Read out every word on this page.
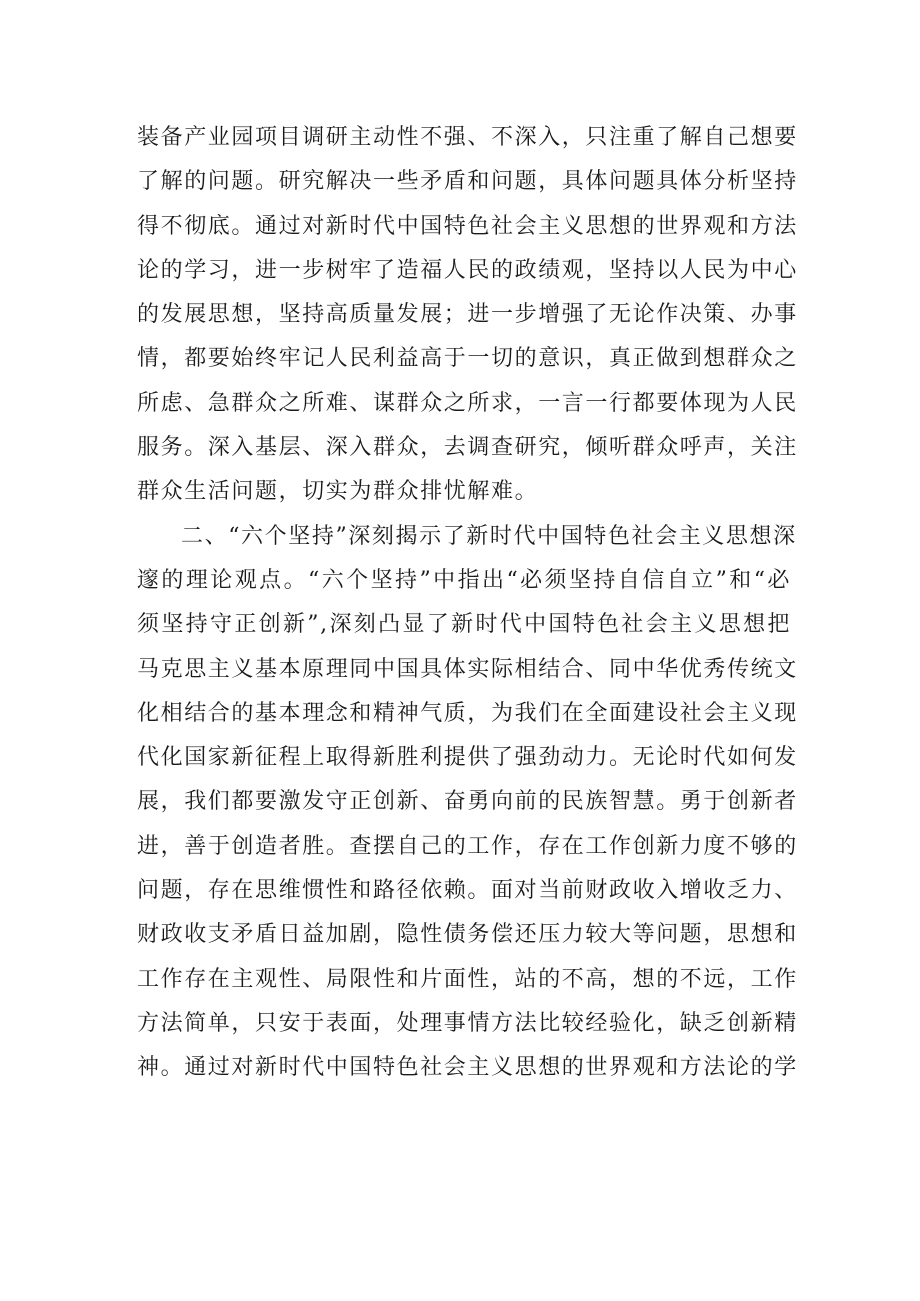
装备产业园项目调研主动性不强、不深入，只注重了解自己想要
了解的问题。研究解决一些矛盾和问题，具体问题具体分析坚持
得不彻底。通过对新时代中国特色社会主义思想的世界观和方法
论的学习，进一步树牢了造福人民的政绩观，坚持以人民为中心
的发展思想，坚持高质量发展；进一步增强了无论作决策、办事
情，都要始终牢记人民利益高于一切的意识，真正做到想群众之
所虑、急群众之所难、谋群众之所求，一言一行都要体现为人民
服务。深入基层、深入群众，去调查研究，倾听群众呼声，关注
群众生活问题，切实为群众排忧解难。
二、“六个坚持”深刻揭示了新时代中国特色社会主义思想深
邃的理论观点。“六个坚持”中指出“必须坚持自信自立”和“必
须坚持守正创新”,深刻凸显了新时代中国特色社会主义思想把
马克思主义基本原理同中国具体实际相结合、同中华优秀传统文
化相结合的基本理念和精神气质，为我们在全面建设社会主义现
代化国家新征程上取得新胜利提供了强劲动力。无论时代如何发
展，我们都要激发守正创新、奋勇向前的民族智慧。勇于创新者
进，善于创造者胜。查摆自己的工作，存在工作创新力度不够的
问题，存在思维惯性和路径依赖。面对当前财政收入增收乏力、
财政收支矛盾日益加剧，隐性债务偿还压力较大等问题，思想和
工作存在主观性、局限性和片面性，站的不高，想的不远，工作
方法简单，只安于表面，处理事情方法比较经验化，缺乏创新精
神。通过对新时代中国特色社会主义思想的世界观和方法论的学
